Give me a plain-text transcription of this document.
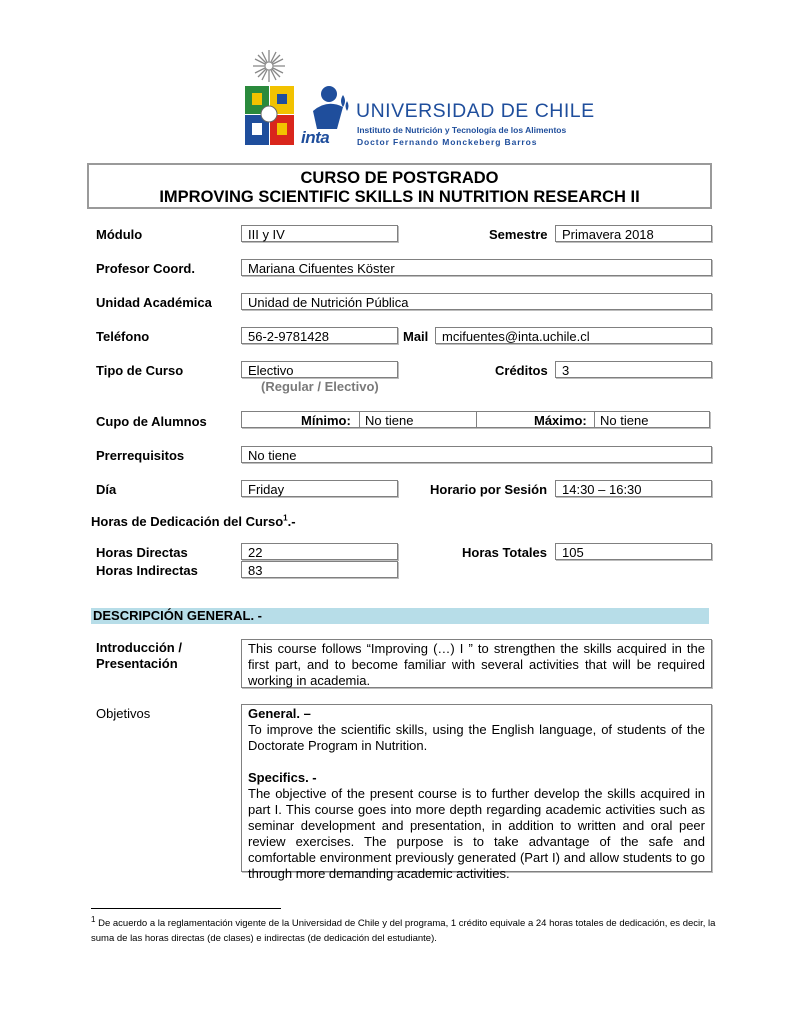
inta
UNIVERSIDAD DE CHILE
Instituto de Nutrición y Tecnología de los Alimentos
Doctor Fernando Monckeberg Barros
CURSO DE POSTGRADO
IMPROVING SCIENTIFIC SKILLS IN NUTRITION RESEARCH II
Módulo	III y IV	Semestre	Primavera 2018
Profesor Coord.	Mariana Cifuentes Köster
Unidad Académica	Unidad de Nutrición Pública
Teléfono	56-2-9781428	Mail	mcifuentes@inta.uchile.cl
Tipo de Curso	Electivo
(Regular / Electivo)
Créditos	3
Cupo de Alumnos	Mínimo: No tiene	Máximo: No tiene
Prerrequisitos	No tiene
Día	Friday	Horario por Sesión	14:30 – 16:30
Horas de Dedicación del Curso$^1$.-
Horas Directas	22	Horas Totales	105
Horas Indirectas	83
DESCRIPCIÓN GENERAL. -
Introducción /
Presentación
This course follows “Improving (…) I ” to strengthen the skills acquired in the first part, and to become familiar with several activities that will be required working in academia.
Objetivos	General. –
To improve the scientific skills, using the English language, of students of the Doctorate Program in Nutrition.
Specifics. -
The objective of the present course is to further develop the skills acquired in part I. This course goes into more depth regarding academic activities such as seminar development and presentation, in addition to written and oral peer review exercises. The purpose is to take advantage of the safe and comfortable environment previously generated (Part I) and allow students to go through more demanding academic activities.
$^1$ De acuerdo a la reglamentación vigente de la Universidad de Chile y del programa, 1 crédito equivale a 24 horas totales de dedicación, es decir, la suma de las horas directas (de clases) e indirectas (de dedicación del estudiante).
